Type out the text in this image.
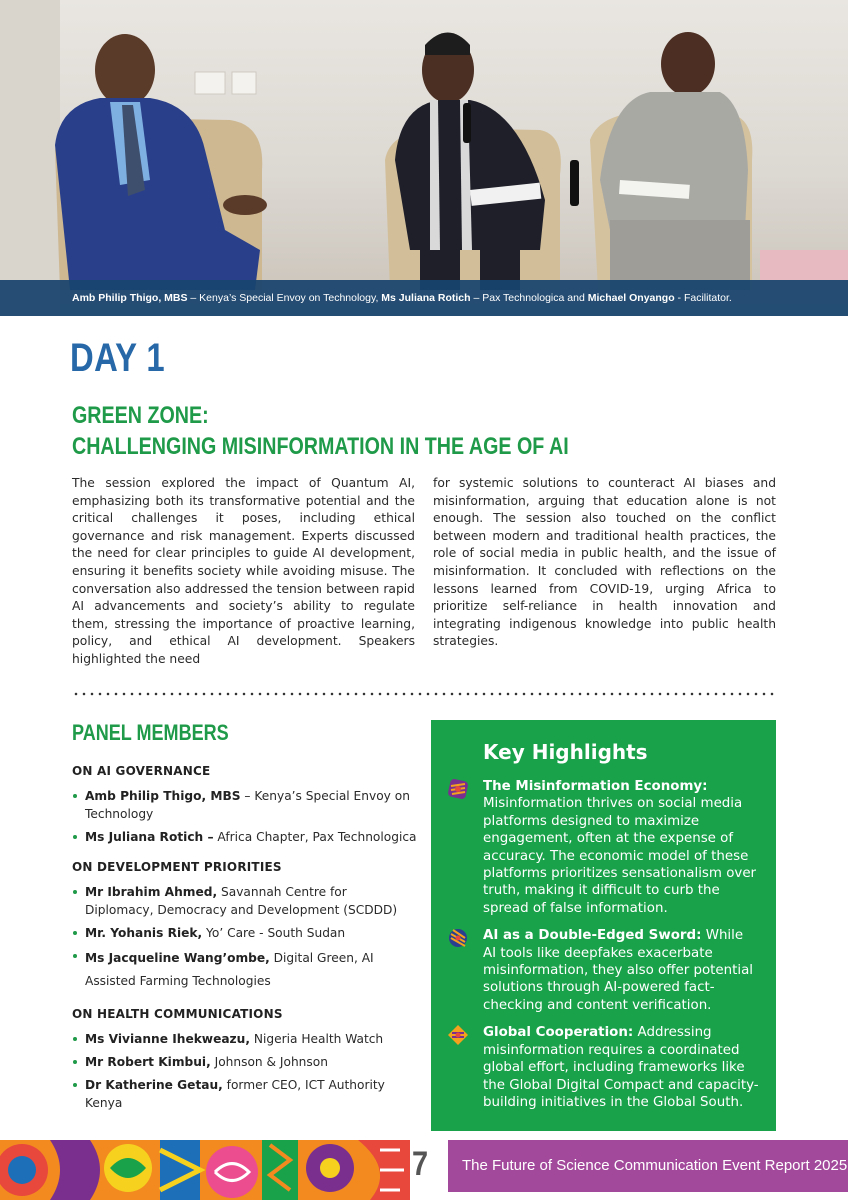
Amb Philip Thigo, MBS – Kenya’s Special Envoy on Technology, Ms Juliana Rotich – Pax Technologica and Michael Onyango - Facilitator.
DAY 1
GREEN ZONE:
CHALLENGING MISINFORMATION IN THE AGE OF AI

The session explored the impact of Quantum AI, emphasizing both its transformative potential and the critical challenges it poses, including ethical governance and risk management. Experts discussed the need for clear principles to guide AI development, ensuring it benefits society while avoiding misuse. The conversation also addressed the tension between rapid AI advancements and society’s ability to regulate them, stressing the importance of proactive learning, policy, and ethical AI development. Speakers highlighted the need

for systemic solutions to counteract AI biases and misinformation, arguing that education alone is not enough. The session also touched on the conflict between modern and traditional health practices, the role of social media in public health, and the issue of misinformation. It concluded with reflections on the lessons learned from COVID-19, urging Africa to prioritize self-reliance in health innovation and integrating indigenous knowledge into public health strategies.

PANEL MEMBERS
ON AI GOVERNANCE
Amb Philip Thigo, MBS – Kenya’s Special Envoy on Technology
Ms Juliana Rotich – Africa Chapter, Pax Technologica
ON DEVELOPMENT PRIORITIES
Mr Ibrahim Ahmed, Savannah Centre for Diplomacy, Democracy and Development (SCDDD)
Mr. Yohanis Riek, Yo’ Care - South Sudan
Ms Jacqueline Wang’ombe, Digital Green, AI Assisted Farming Technologies
ON HEALTH COMMUNICATIONS
Ms Vivianne Ihekweazu, Nigeria Health Watch
Mr Robert Kimbui, Johnson & Johnson
Dr Katherine Getau, former CEO, ICT Authority Kenya
Key Highlights
The Misinformation Economy: Misinformation thrives on social media platforms designed to maximize engagement, often at the expense of accuracy. The economic model of these platforms prioritizes sensationalism over truth, making it difficult to curb the spread of false information.
AI as a Double-Edged Sword: While AI tools like deepfakes exacerbate misinformation, they also offer potential solutions through AI-powered fact-checking and content verification.
Global Cooperation: Addressing misinformation requires a coordinated global effort, including frameworks like the Global Digital Compact and capacity-building initiatives in the Global South.
7	The Future of Science Communication Event Report 2025
